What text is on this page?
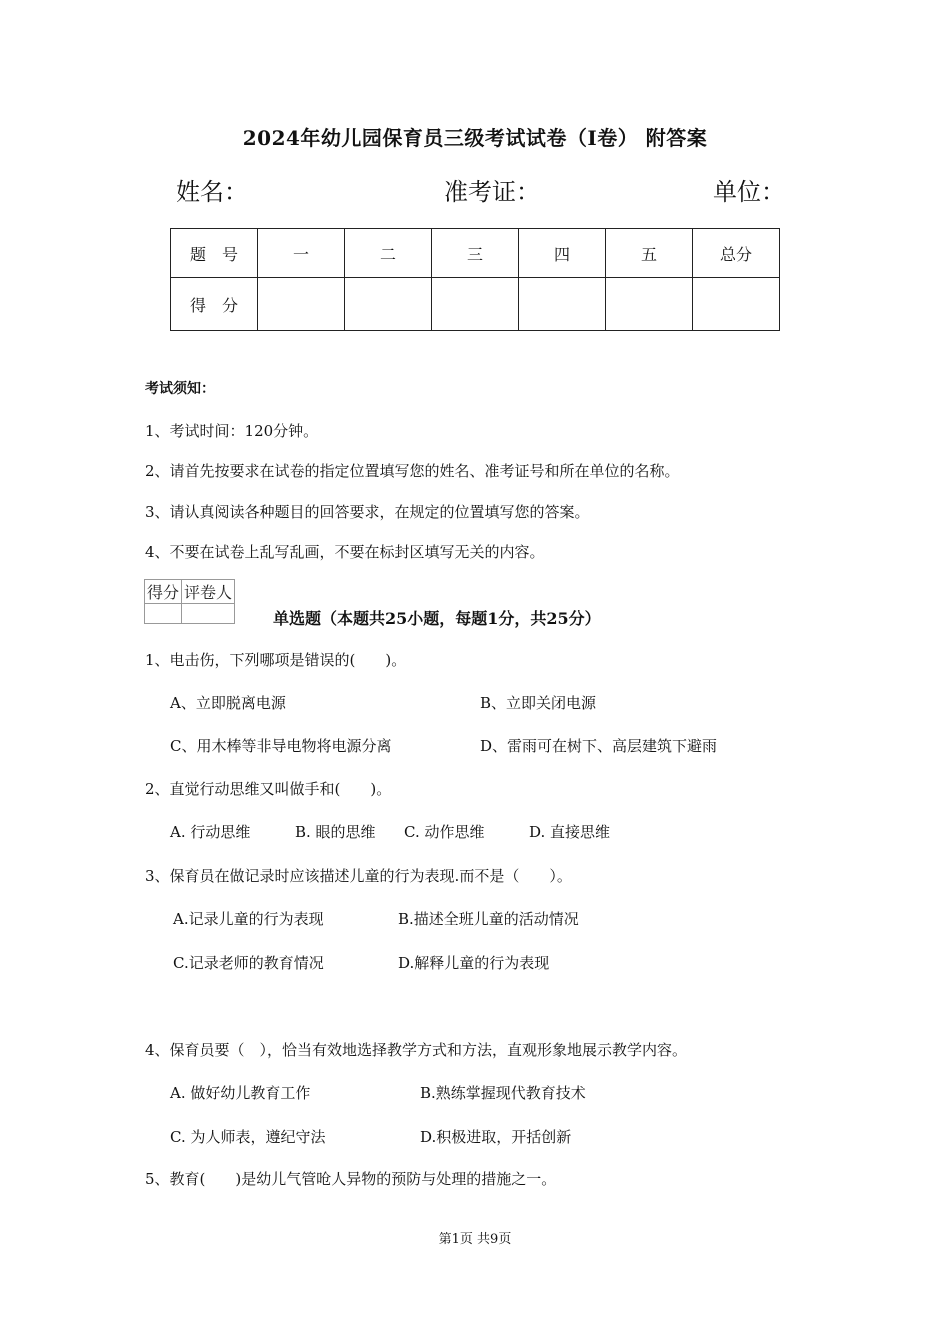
2024年幼儿园保育员三级考试试卷（I卷） 附答案
姓名：	准考证：	单位：
题　号	一	二	三	四	五	总分
得　分						
考试须知：
1、考试时间：120分钟。
2、请首先按要求在试卷的指定位置填写您的姓名、准考证号和所在单位的名称。
3、请认真阅读各种题目的回答要求，在规定的位置填写您的答案。
4、不要在试卷上乱写乱画，不要在标封区填写无关的内容。
得分	评卷人

单选题（本题共25小题，每题1分，共25分）
1、电击伤，下列哪项是错误的(　　)。
A、立即脱离电源	B、立即关闭电源
C、用木棒等非导电物将电源分离	D、雷雨可在树下、高层建筑下避雨
2、直觉行动思维又叫做手和(　　)。
A. 行动思维	B. 眼的思维 C. 动作思维	D. 直接思维
3、保育员在做记录时应该描述儿童的行为表现.而不是（　　）。
A.记录儿童的行为表现	B.描述全班儿童的活动情况
C.记录老师的教育情况	D.解释儿童的行为表现
4、保育员要（　），恰当有效地选择教学方式和方法，直观形象地展示教学内容。
A. 做好幼儿教育工作	B.熟练掌握现代教育技术
C. 为人师表，遵纪守法	D.积极进取，开括创新
5、教育(　　)是幼儿气管呛人异物的预防与处理的措施之一。
第1页 共9页
